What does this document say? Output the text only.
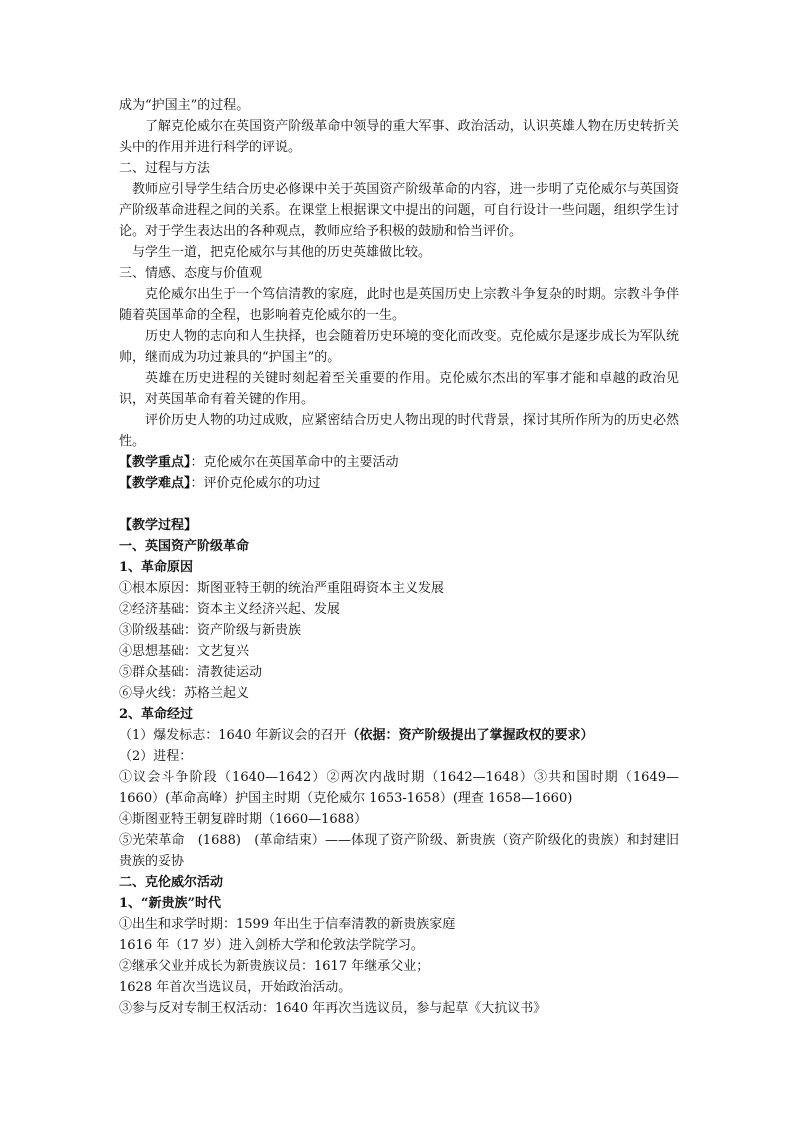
成为“护国主”的过程。

了解克伦威尔在英国资产阶级革命中领导的重大军事、政治活动，认识英雄人物在历史转折关头中的作用并进行科学的评说。

二、过程与方法

教师应引导学生结合历史必修课中关于英国资产阶级革命的内容，进一步明了克伦威尔与英国资产阶级革命进程之间的关系。在课堂上根据课文中提出的问题，可自行设计一些问题，组织学生讨论。对于学生表达出的各种观点，教师应给予积极的鼓励和恰当评价。

与学生一道，把克伦威尔与其他的历史英雄做比较。

三、情感、态度与价值观

克伦威尔出生于一个笃信清教的家庭，此时也是英国历史上宗教斗争复杂的时期。宗教斗争伴随着英国革命的全程，也影响着克伦威尔的一生。

历史人物的志向和人生抉择，也会随着历史环境的变化而改变。克伦威尔是逐步成长为军队统帅，继而成为功过兼具的“护国主”的。

英雄在历史进程的关键时刻起着至关重要的作用。克伦威尔杰出的军事才能和卓越的政治见识，对英国革命有着关键的作用。

评价历史人物的功过成败，应紧密结合历史人物出现的时代背景，探讨其所作所为的历史必然性。

【教学重点】：克伦威尔在英国革命中的主要活动

【教学难点】：评价克伦威尔的功过

【教学过程】

一、英国资产阶级革命

1、革命原因

①根本原因：斯图亚特王朝的统治严重阻碍资本主义发展

②经济基础：资本主义经济兴起、发展

③阶级基础：资产阶级与新贵族

④思想基础：文艺复兴

⑤群众基础：清教徒运动

⑥导火线：苏格兰起义

2、革命经过

（1）爆发标志：1640 年新议会的召开（依据：资产阶级提出了掌握政权的要求）

（2）进程：

①议会斗争阶段（1640—1642）②两次内战时期（1642—1648）③共和国时期（1649—1660）(革命高峰）护国主时期（克伦威尔 1653-1658）(理查 1658—1660)

④斯图亚特王朝复辟时期（1660—1688）

⑤光荣革命　(1688)　(革命结束）——体现了资产阶级、新贵族（资产阶级化的贵族）和封建旧贵族的妥协

二、克伦威尔活动

1、“新贵族”时代

①出生和求学时期：1599 年出生于信奉清教的新贵族家庭

1616 年（17 岁）进入剑桥大学和伦敦法学院学习。

②继承父业并成长为新贵族议员：1617 年继承父业；

1628 年首次当选议员，开始政治活动。

③参与反对专制王权活动：1640 年再次当选议员，参与起草《大抗议书》
